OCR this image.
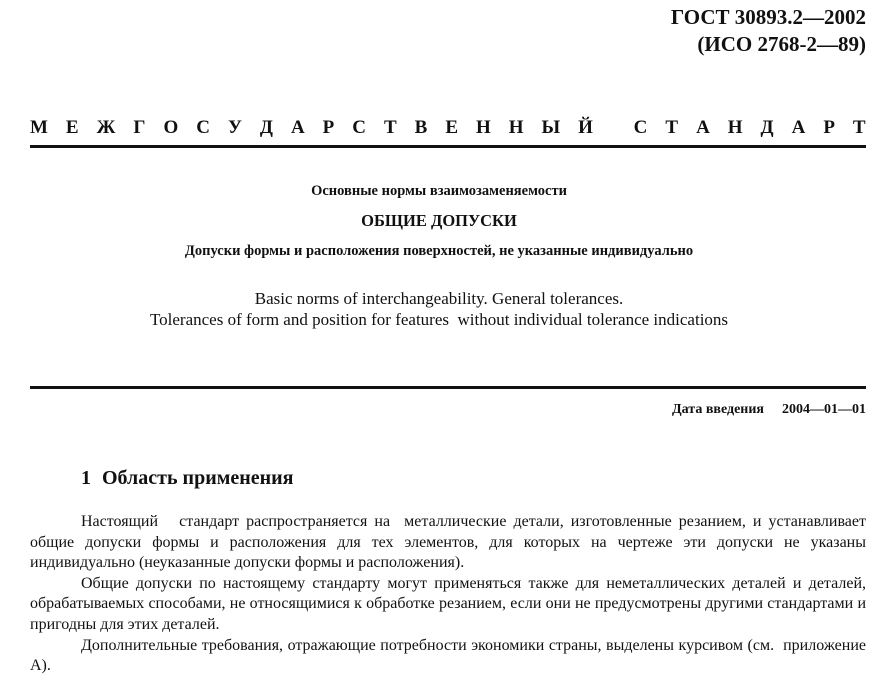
ГОСТ 30893.2—2002
(ИСО 2768-2—89)
М Е Ж Г О С У Д А Р С Т В Е Н Н Ы Й
С Т А Н Д А Р Т
Основные нормы взаимозаменяемости
ОБЩИЕ ДОПУСКИ
Допуски формы и расположения поверхностей, не указанные индивидуально
Basic norms of interchangeability. General tolerances.
Tolerances of form and position for features  without individual tolerance indications
Дата введения 2004—01—01
1 Область применения

Настоящий   стандарт распространяется на  металлические детали, изготовленные резанием, и устанавливает общие допуски формы и расположения для тех элементов, для которых на чертеже эти допуски не указаны индивидуально (неуказанные допуски формы и расположения).

Общие допуски по настоящему стандарту могут применяться также для неметаллических деталей и деталей, обрабатываемых способами, не относящимися к обработке резанием, если они не предусмотрены другими стандартами и пригодны для этих деталей.

Дополнительные требования, отражающие потребности экономики страны, выделены курсивом (см.  приложение А).
